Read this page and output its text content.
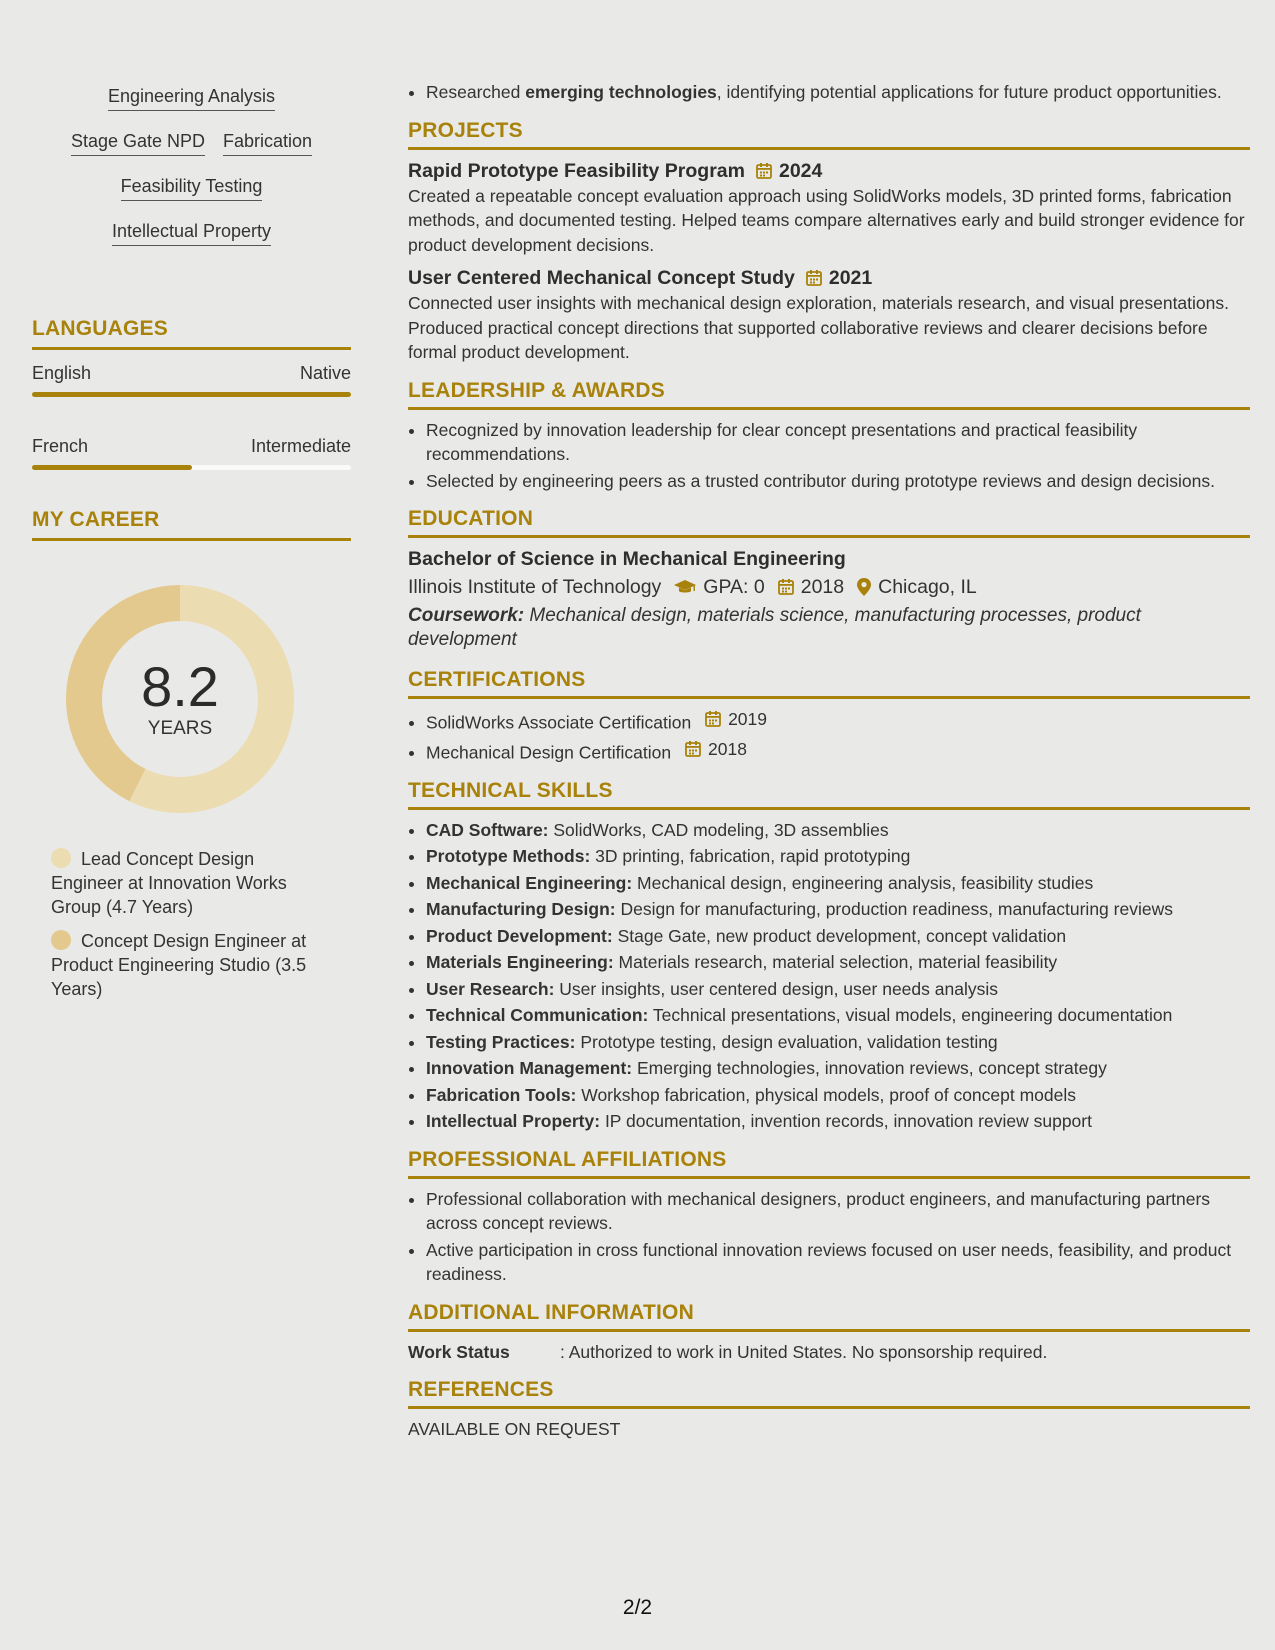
Engineering Analysis
Stage Gate NPD Fabrication
Feasibility Testing
Intellectual Property
LANGUAGES
English	Native
French	Intermediate
MY CAREER
8.2
YEARS
Lead Concept Design Engineer at Innovation Works Group (4.7 Years)
Concept Design Engineer at Product Engineering Studio (3.5 Years)
• Researched emerging technologies, identifying potential applications for future product opportunities.
PROJECTS
Rapid Prototype Feasibility Program 2024
Created a repeatable concept evaluation approach using SolidWorks models, 3D printed forms, fabrication methods, and documented testing. Helped teams compare alternatives early and build stronger evidence for product development decisions.
User Centered Mechanical Concept Study 2021
Connected user insights with mechanical design exploration, materials research, and visual presentations. Produced practical concept directions that supported collaborative reviews and clearer decisions before formal product development.
LEADERSHIP & AWARDS
• Recognized by innovation leadership for clear concept presentations and practical feasibility recommendations.
• Selected by engineering peers as a trusted contributor during prototype reviews and design decisions.
EDUCATION
Bachelor of Science in Mechanical Engineering
Illinois Institute of Technology GPA: 0 2018 Chicago, IL
Coursework: Mechanical design, materials science, manufacturing processes, product development
CERTIFICATIONS
• SolidWorks Associate Certification 2019
• Mechanical Design Certification 2018
TECHNICAL SKILLS
• CAD Software: SolidWorks, CAD modeling, 3D assemblies
• Prototype Methods: 3D printing, fabrication, rapid prototyping
• Mechanical Engineering: Mechanical design, engineering analysis, feasibility studies
• Manufacturing Design: Design for manufacturing, production readiness, manufacturing reviews
• Product Development: Stage Gate, new product development, concept validation
• Materials Engineering: Materials research, material selection, material feasibility
• User Research: User insights, user centered design, user needs analysis
• Technical Communication: Technical presentations, visual models, engineering documentation
• Testing Practices: Prototype testing, design evaluation, validation testing
• Innovation Management: Emerging technologies, innovation reviews, concept strategy
• Fabrication Tools: Workshop fabrication, physical models, proof of concept models
• Intellectual Property: IP documentation, invention records, innovation review support
PROFESSIONAL AFFILIATIONS
• Professional collaboration with mechanical designers, product engineers, and manufacturing partners across concept reviews.
• Active participation in cross functional innovation reviews focused on user needs, feasibility, and product readiness.
ADDITIONAL INFORMATION
Work Status	: Authorized to work in United States. No sponsorship required.
REFERENCES
AVAILABLE ON REQUEST
2/2
